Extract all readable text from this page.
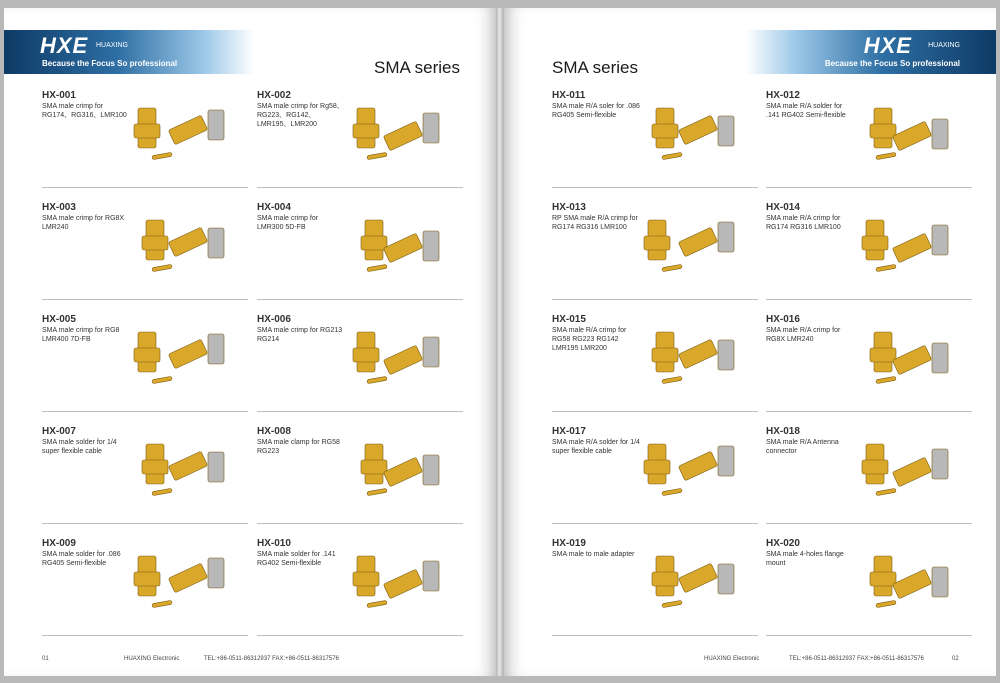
HXE HUAXING
Because the Focus So professional	SMA series
HX-001
SMA male crimp for RG174、RG316、LMR100
HX-002
SMA male crimp for Rg58、RG223、RG142、LMR195、LMR200
HX-003
SMA male crimp for RG8X LMR240
HX-004
SMA male crimp for LMR300 5D-FB
HX-005
SMA male crimp for RG8 LMR400 7D-FB
HX-006
SMA male crimp for RG213 RG214
HX-007
SMA male solder for 1/4 super flexible cable
HX-008
SMA male clamp for RG58 RG223
HX-009
SMA male solder for .086 RG405 Semi-flexible
HX-010
SMA male solder for .141 RG402 Semi-flexible
01	HUAXING Electronic	TEL:+86-0511-86312937 FAX:+86-0511-86317576
HXE HUAXING
Because the Focus So professional
SMA series
HX-011
SMA male R/A soler for .086 RG405 Semi-flexible
HX-012
SMA male R/A solder for .141 RG402 Semi-flexible
HX-013
RP SMA male R/A crimp for RG174 RG316 LMR100
HX-014
SMA male R/A crimp for RG174 RG316 LMR100
HX-015
SMA male R/A crimp for RG58 RG223 RG142 LMR195 LMR200
HX-016
SMA male R/A crimp for RG8X LMR240
HX-017
SMA male R/A solder for 1/4 super flexible cable
HX-018
SMA male R/A Antenna connector
HX-019
SMA male to male adapter
HX-020
SMA male 4-holes flange mount
HUAXING Electronic	TEL:+86-0511-86312937 FAX:+86-0511-86317576	02
